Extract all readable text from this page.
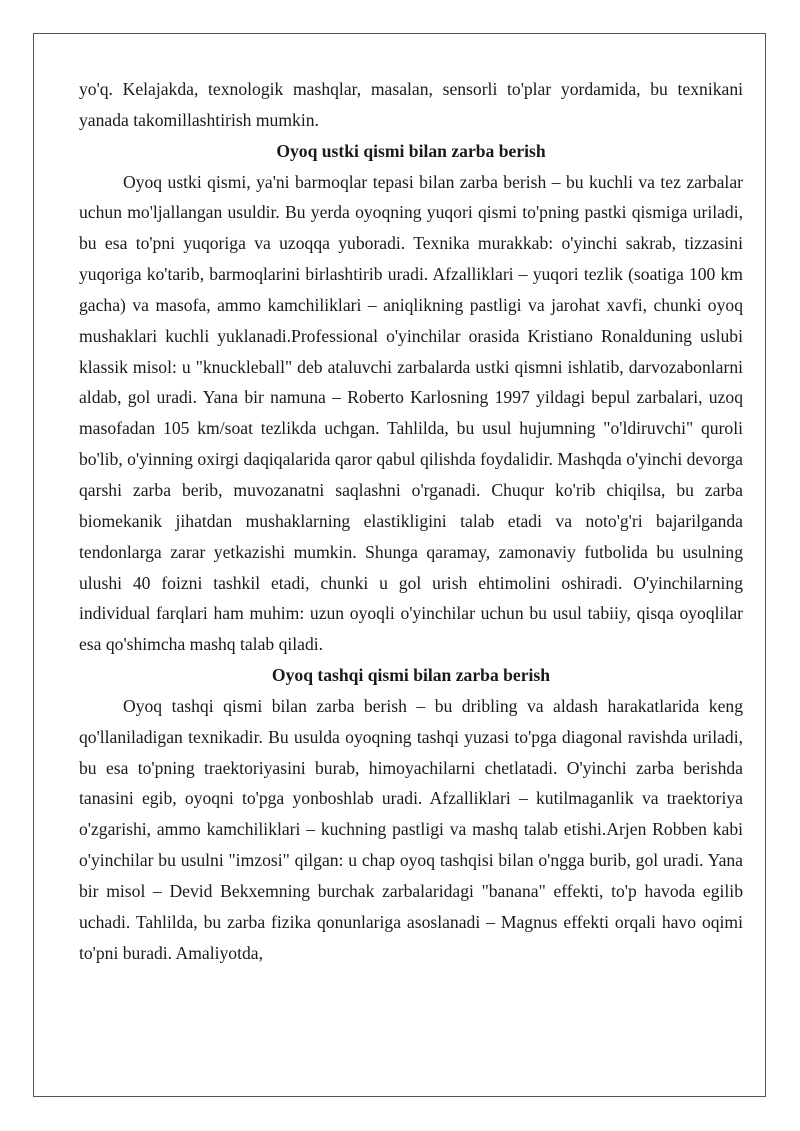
yo'q. Kelajakda, texnologik mashqlar, masalan, sensorli to'plar yordamida, bu texnikani yanada takomillashtirish mumkin.

Oyoq ustki qismi bilan zarba berish

Oyoq ustki qismi, ya'ni barmoqlar tepasi bilan zarba berish – bu kuchli va tez zarbalar uchun mo'ljallangan usuldir. Bu yerda oyoqning yuqori qismi to'pning pastki qismiga uriladi, bu esa to'pni yuqoriga va uzoqqa yuboradi. Texnika murakkab: o'yinchi sakrab, tizzasini yuqoriga ko'tarib, barmoqlarini birlashtirib uradi. Afzalliklari – yuqori tezlik (soatiga 100 km gacha) va masofa, ammo kamchiliklari – aniqlikning pastligi va jarohat xavfi, chunki oyoq mushaklari kuchli yuklanadi.Professional o'yinchilar orasida Kristiano Ronalduning uslubi klassik misol: u "knuckleball" deb ataluvchi zarbalarda ustki qismni ishlatib, darvozabonlarni aldab, gol uradi. Yana bir namuna – Roberto Karlosning 1997 yildagi bepul zarbalari, uzoq masofadan 105 km/soat tezlikda uchgan. Tahlilda, bu usul hujumning "o'ldiruvchi" quroli bo'lib, o'yinning oxirgi daqiqalarida qaror qabul qilishda foydalidir. Mashqda o'yinchi devorga qarshi zarba berib, muvozanatni saqlashni o'rganadi. Chuqur ko'rib chiqilsa, bu zarba biomekanik jihatdan mushaklarning elastikligini talab etadi va noto'g'ri bajarilganda tendonlarga zarar yetkazishi mumkin. Shunga qaramay, zamonaviy futbolida bu usulning ulushi 40 foizni tashkil etadi, chunki u gol urish ehtimolini oshiradi. O'yinchilarning individual farqlari ham muhim: uzun oyoqli o'yinchilar uchun bu usul tabiiy, qisqa oyoqlilar esa qo'shimcha mashq talab qiladi.

Oyoq tashqi qismi bilan zarba berish

Oyoq tashqi qismi bilan zarba berish – bu dribling va aldash harakatlarida keng qo'llaniladigan texnikadir. Bu usulda oyoqning tashqi yuzasi to'pga diagonal ravishda uriladi, bu esa to'pning traektoriyasini burab, himoyachilarni chetlatadi. O'yinchi zarba berishda tanasini egib, oyoqni to'pga yonboshlab uradi. Afzalliklari – kutilmaganlik va traektoriya o'zgarishi, ammo kamchiliklari – kuchning pastligi va mashq talab etishi.Arjen Robben kabi o'yinchilar bu usulni "imzosi" qilgan: u chap oyoq tashqisi bilan o'ngga burib, gol uradi. Yana bir misol – Devid Bekxemning burchak zarbalaridagi "banana" effekti, to'p havoda egilib uchadi. Tahlilda, bu zarba fizika qonunlariga asoslanadi – Magnus effekti orqali havo oqimi to'pni buradi. Amaliyotda,
